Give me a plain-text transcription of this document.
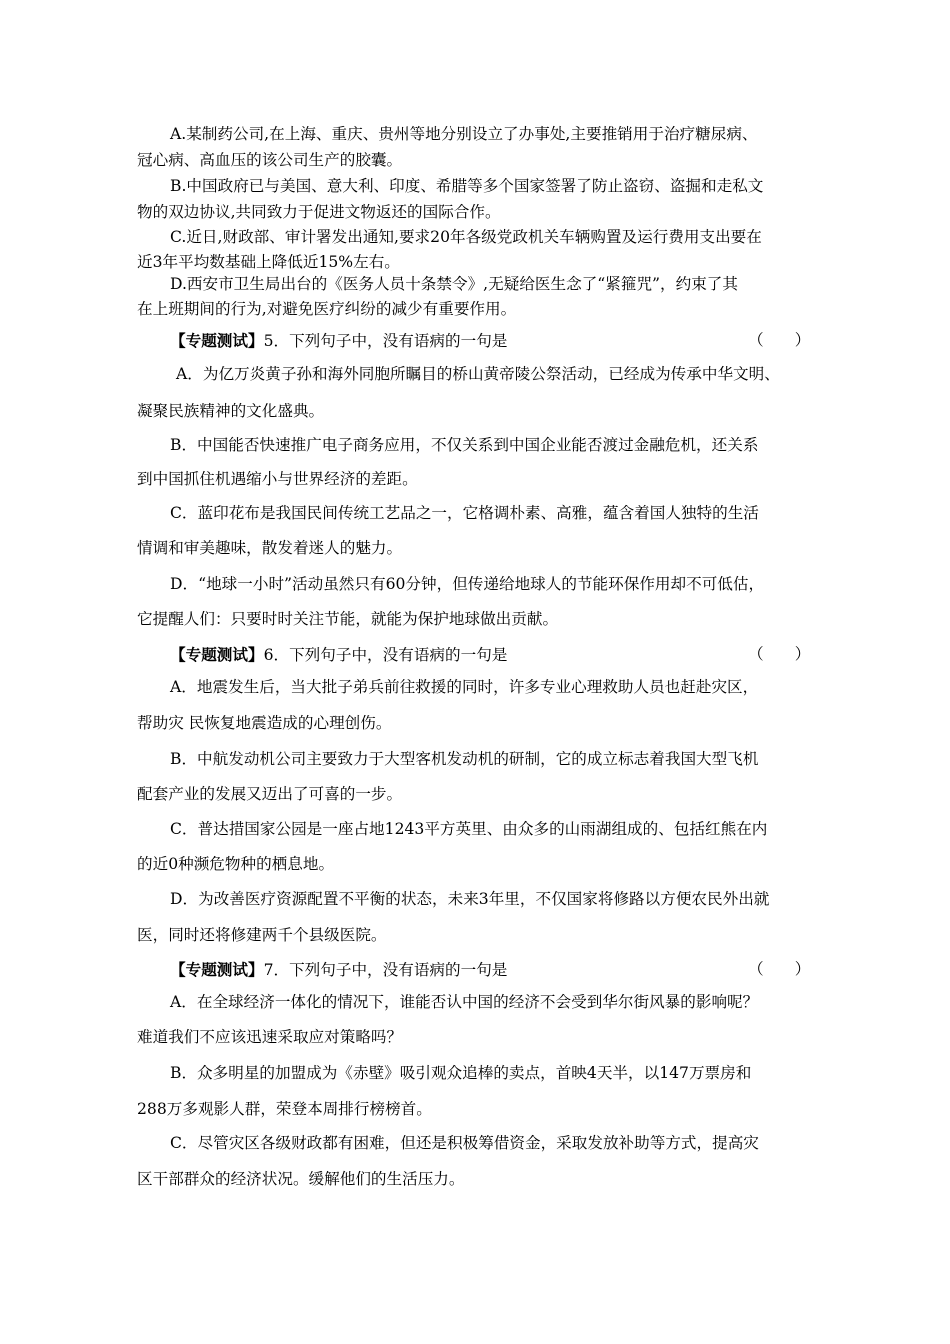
A.某制药公司,在上海、重庆、贵州等地分别设立了办事处,主要推销用于治疗糖尿病、
冠心病、高血压的该公司生产的胶囊。
B.中国政府已与美国、意大利、印度、希腊等多个国家签署了防止盗窃、盗掘和走私文
物的双边协议,共同致力于促进文物返还的国际合作。
C.近日,财政部、审计署发出通知,要求20年各级党政机关车辆购置及运行费用支出要在
近3年平均数基础上降低近15%左右。
D.西安市卫生局出台的《医务人员十条禁令》,无疑给医生念了“紧箍咒”，约束了其
在上班期间的行为,对避免医疗纠纷的减少有重要作用。
【专题测试】5．下列句子中，没有语病的一句是	（　　）
A．为亿万炎黄子孙和海外同胞所瞩目的桥山黄帝陵公祭活动，已经成为传承中华文明、
凝聚民族精神的文化盛典。
B．中国能否快速推广电子商务应用，不仅关系到中国企业能否渡过金融危机，还关系
到中国抓住机遇缩小与世界经济的差距。
C．蓝印花布是我国民间传统工艺品之一，它格调朴素、高雅，蕴含着国人独特的生活
情调和审美趣味，散发着迷人的魅力。
D．“地球一小时”活动虽然只有60分钟，但传递给地球人的节能环保作用却不可低估，
它提醒人们：只要时时关注节能，就能为保护地球做出贡献。
【专题测试】6．下列句子中，没有语病的一句是	（　　）
A．地震发生后，当大批子弟兵前往救援的同时，许多专业心理救助人员也赶赴灾区，
帮助灾 民恢复地震造成的心理创伤。
B．中航发动机公司主要致力于大型客机发动机的研制，它的成立标志着我国大型飞机
配套产业的发展又迈出了可喜的一步。
C．普达措国家公园是一座占地1243平方英里、由众多的山雨湖组成的、包括红熊在内
的近0种濒危物种的栖息地。
D．为改善医疗资源配置不平衡的状态，未来3年里，不仅国家将修路以方便农民外出就
医，同时还将修建两千个县级医院。
【专题测试】7．下列句子中，没有语病的一句是	（　　）
A．在全球经济一体化的情况下，谁能否认中国的经济不会受到华尔街风暴的影响呢？
难道我们不应该迅速采取应对策略吗？
B．众多明星的加盟成为《赤壁》吸引观众追棒的卖点，首映4天半，以147万票房和
288万多观影人群，荣登本周排行榜榜首。
C．尽管灾区各级财政都有困难，但还是积极筹借资金，采取发放补助等方式，提高灾
区干部群众的经济状况。缓解他们的生活压力。
